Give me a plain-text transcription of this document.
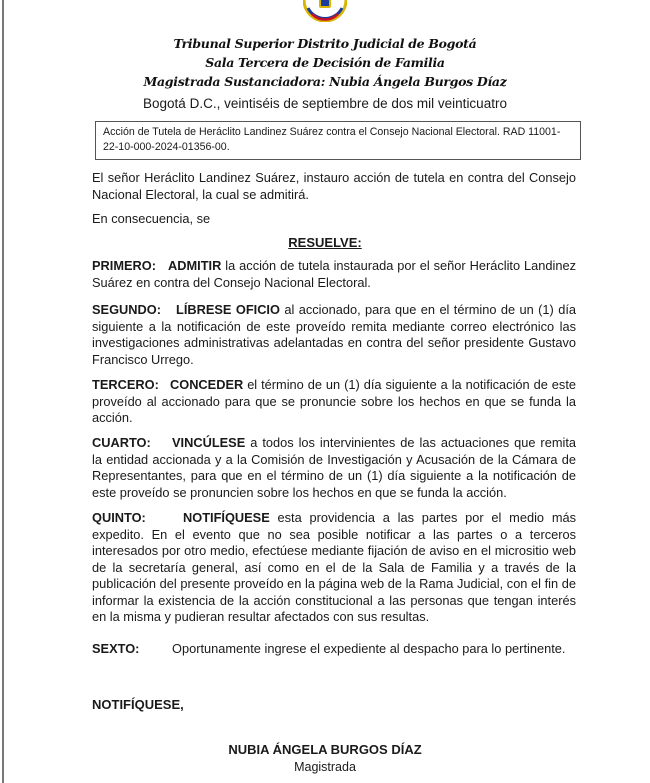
Tribunal Superior Distrito Judicial de Bogotá
Sala Tercera de Decisión de Familia
Magistrada Sustanciadora: Nubia Ángela Burgos Díaz
Bogotá D.C., veintiséis de septiembre de dos mil veinticuatro
Acción de Tutela de Heráclito Landinez Suárez contra el Consejo Nacional Electoral. RAD 11001-22-10-000-2024-01356-00.
El señor Heráclito Landinez Suárez, instauro acción de tutela en contra del Consejo Nacional Electoral, la cual se admitirá.
En consecuencia, se
RESUELVE:
PRIMERO: ADMITIR la acción de tutela instaurada por el señor Heráclito Landinez Suárez en contra del Consejo Nacional Electoral.
SEGUNDO: LÍBRESE OFICIO al accionado, para que en el término de un (1) día siguiente a la notificación de este proveído remita mediante correo electrónico las investigaciones administrativas adelantadas en contra del señor presidente Gustavo Francisco Urrego.
TERCERO: CONCEDER el término de un (1) día siguiente a la notificación de este proveído al accionado para que se pronuncie sobre los hechos en que se funda la acción.
CUARTO: VINCÚLESE a todos los intervinientes de las actuaciones que remita la entidad accionada y a la Comisión de Investigación y Acusación de la Cámara de Representantes, para que en el término de un (1) día siguiente a la notificación de este proveído se pronuncien sobre los hechos en que se funda la acción.
QUINTO:	NOTIFÍQUESE esta providencia a las partes por el medio más expedito. En el evento que no sea posible notificar a las partes o a terceros interesados por otro medio, efectúese mediante fijación de aviso en el micrositio web de la secretaría general, así como en el de la Sala de Familia y a través de la publicación del presente proveído en la página web de la Rama Judicial, con el fin de informar la existencia de la acción constitucional a las personas que tengan interés en la misma y pudieran resultar afectados con sus resultas.
SEXTO:	Oportunamente ingrese el expediente al despacho para lo pertinente.
NOTIFÍQUESE,
NUBIA ÁNGELA BURGOS DÍAZ
Magistrada
